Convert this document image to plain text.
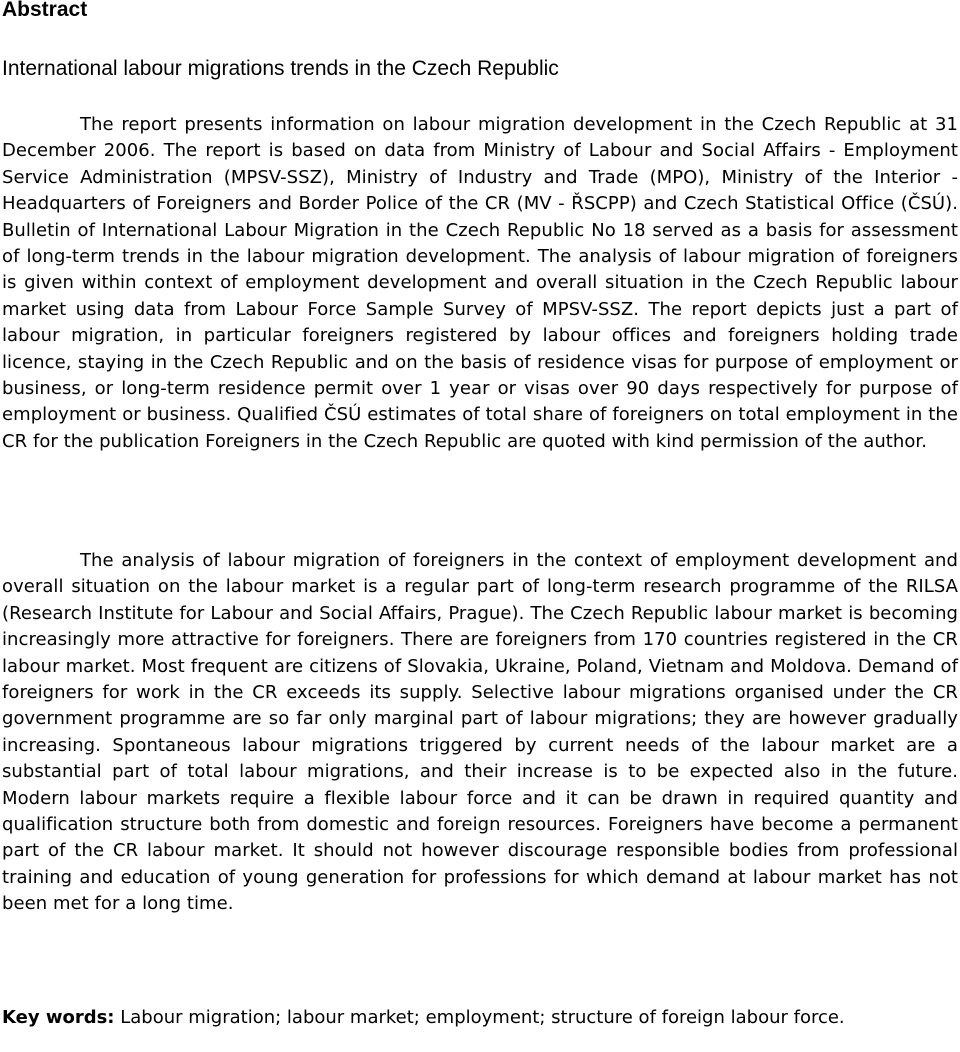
Abstract

International labour migrations trends in the Czech Republic

The report presents information on labour migration development in the Czech Republic at 31 December 2006. The report is based on data from Ministry of Labour and Social Affairs - Employment Service Administration (MPSV-SSZ), Ministry of Industry and Trade (MPO), Ministry of the Interior - Headquarters of Foreigners and Border Police of the CR (MV - ŘSCPP) and Czech Statistical Office (ČSÚ). Bulletin of International Labour Migration in the Czech Republic No 18 served as a basis for assessment of long-term trends in the labour migration development. The analysis of labour migration of foreigners is given within context of employment development and overall situation in the Czech Republic labour market using data from Labour Force Sample Survey of MPSV-SSZ. The report depicts just a part of labour migration, in particular foreigners registered by labour offices and foreigners holding trade licence, staying in the Czech Republic and on the basis of residence visas for purpose of employment or business, or long-term residence permit over 1 year or visas over 90 days respectively for purpose of employment or business. Qualified ČSÚ estimates of total share of foreigners on total employment in the CR for the publication Foreigners in the Czech Republic are quoted with kind permission of the author.

The analysis of labour migration of foreigners in the context of employment development and overall situation on the labour market is a regular part of long-term research programme of the RILSA (Research Institute for Labour and Social Affairs, Prague). The Czech Republic labour market is becoming increasingly more attractive for foreigners. There are foreigners from 170 countries registered in the CR labour market. Most frequent are citizens of Slovakia, Ukraine, Poland, Vietnam and Moldova. Demand of foreigners for work in the CR exceeds its supply. Selective labour migrations organised under the CR government programme are so far only marginal part of labour migrations; they are however gradually increasing. Spontaneous labour migrations triggered by current needs of the labour market are a substantial part of total labour migrations, and their increase is to be expected also in the future. Modern labour markets require a flexible labour force and it can be drawn in required quantity and qualification structure both from domestic and foreign resources. Foreigners have become a permanent part of the CR labour market. It should not however discourage responsible bodies from professional training and education of young generation for professions for which demand at labour market has not been met for a long time.

Key words: Labour migration; labour market; employment; structure of foreign labour force.
